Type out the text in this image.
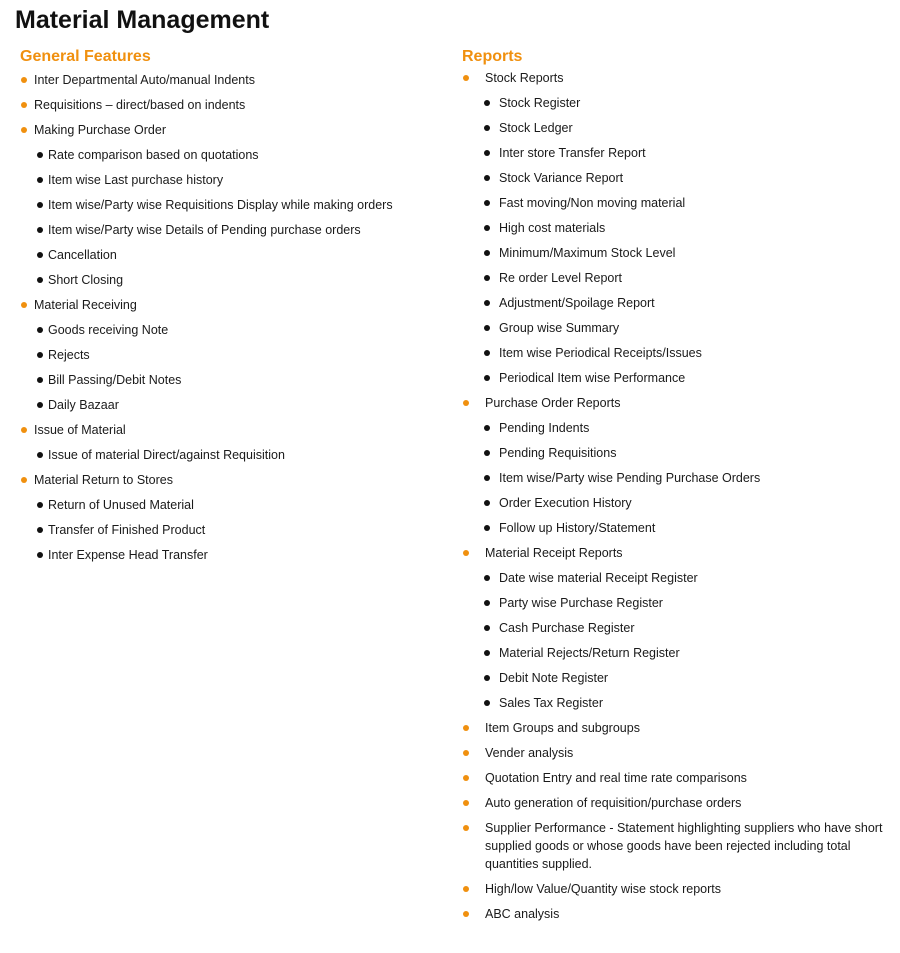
Material Management
General Features
Inter Departmental Auto/manual Indents
Requisitions – direct/based on indents
Making Purchase Order
Rate comparison based on quotations
Item wise Last purchase history
Item wise/Party wise Requisitions Display while making orders
Item wise/Party wise Details of Pending purchase orders
Cancellation
Short Closing
Material Receiving
Goods receiving Note
Rejects
Bill Passing/Debit Notes
Daily Bazaar
Issue of Material
Issue of material Direct/against Requisition
Material Return to Stores
Return of Unused Material
Transfer of Finished Product
Inter Expense Head Transfer
Reports
Stock Reports
Stock Register
Stock Ledger
Inter store Transfer Report
Stock Variance Report
Fast moving/Non moving material
High cost materials
Minimum/Maximum Stock Level
Re order Level Report
Adjustment/Spoilage Report
Group wise Summary
Item wise Periodical Receipts/Issues
Periodical Item wise Performance
Purchase Order Reports
Pending Indents
Pending Requisitions
Item wise/Party wise Pending Purchase Orders
Order Execution History
Follow up History/Statement
Material Receipt Reports
Date wise material Receipt Register
Party wise Purchase Register
Cash Purchase Register
Material Rejects/Return Register
Debit Note Register
Sales Tax Register
Item Groups and subgroups
Vender analysis
Quotation Entry and real time rate comparisons
Auto generation of requisition/purchase orders
Supplier Performance - Statement highlighting suppliers who have short supplied goods or whose goods have been rejected including total quantities supplied.
High/low Value/Quantity wise stock reports
ABC analysis
